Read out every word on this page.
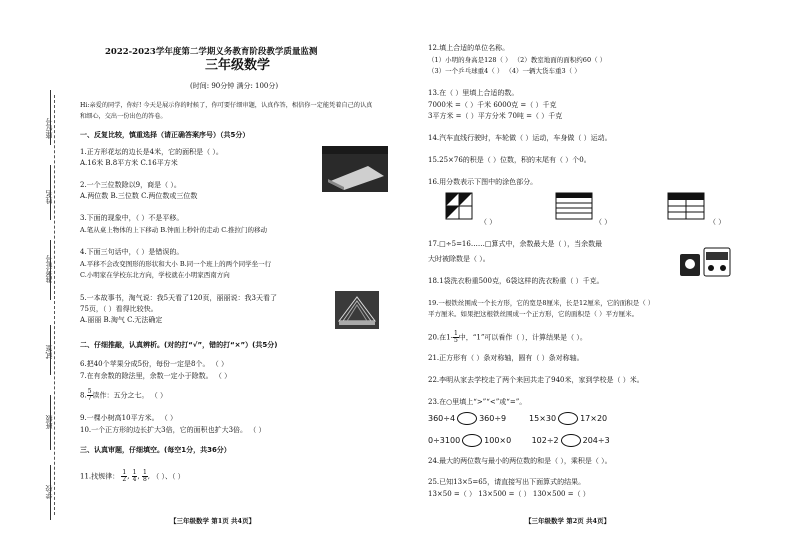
座位号
姓名
准考证号
试室
班级
学校
2022-2023学年度第二学期义务教育阶段教学质量监测
三年级数学
(时间: 90分钟 满分: 100分)
Hi:亲爱的同学，你好! 今天是展示你的时候了，你可要仔细审题，认真作答，相信你一定能凭着自己的认真
和细心，交出一份出色的答卷。
一、反复比较，慎重选择（请正确答案序号）（共5分）
1.正方形花坛的边长是4米，它的面积是（ ）。
A.16米 B.8平方米 C.16平方米
2.一个三位数除以9，商是（ ）。
A.两位数 B.三位数 C.两位数或三位数
3.下面的现象中，（ ）不是平移。
A.笔从桌上物体的上下移动 B.钟面上秒针的走动 C.推拉门的移动
4.下面三句话中，（ ）是错误的。
A.平移不会改变图形的形状和大小 B.同一个班上的两个同学坐一行
C.小明家在学校东北方向，学校就在小明家西南方向
5.一本故事书，淘气说：我5天看了120页，丽丽说：我3天看了
75页，（ ）看得比较快。
A.丽丽 B.淘气 C.无法确定
二、仔细推敲，认真辨析。(对的打“√”，错的打“×”）(共5分)
6.把40个苹果分成5份，每份一定是8个。 （ ）
7.在有余数的除法里，余数一定小于除数。 （ ）
8. $\frac{5}{7}$ 读作：五分之七。 （ ）
9.一棵小树高10平方米。 （ ）
10.一个正方形的边长扩大3倍，它的面积也扩大3倍。 （ ）
三、认真审题，仔细填空。(每空1分，共36分）
11.找规律： $\frac{1}{2}$ , $\frac{1}{4}$ , $\frac{1}{8}$ , （ ）、（ ）
【三年级数学 第1页 共4页】
12.填上合适的单位名称。
（1）小明的身高是128（ ） （2）教室地面的面积约60（ ）
（3）一个乒乓球重4（ ） （4）一辆大货车重3（ ）
13.在（ ）里填上合适的数。
7000米 =（ ）千米 6000克 =（ ）千克
3平方米 =（ ）平方分米 70吨 =（ ）千克
14.汽车直线行驶时，车轮做（ ）运动，车身做（ ）运动。
15.25×76的积是（ ）位数，积的末尾有（ ）个0。
16.用分数表示下图中的涂色部分。
（ ）	（ ）	（ ）
17.□÷5=16……□算式中，余数最大是（ ），当余数最
大时被除数是（ ）。
18.1袋洗衣粉重500克，6袋这样的洗衣粉重（ ）千克。
19.一根铁丝围成一个长方形，它的宽是8厘米，长是12厘米，它的面积是（ ）
平方厘米。如果把这根铁丝围成一个正方形，它的面积是（ ）平方厘米。
20.在$1- \frac{1}{5}$ 中，“1”可以看作（ ），计算结果是（ ）。
21.正方形有（ ）条对称轴，圆有（ ）条对称轴。
22.李明从家去学校走了两个来回共走了940米，家到学校是（ ）米。
23.在○里填上“>”“<”或“=”。
360÷4	360÷9	15×30	17×20
0÷3100	100×0	102÷2	204÷3
24.最大的两位数与最小的两位数的和是（ ），乘积是（ ）。
25.已知13×5=65，请直接写出下面算式的结果。
13×50 =（ ） 13×500 =（ ） 130×500 =（ ）
【三年级数学 第2页 共4页】
